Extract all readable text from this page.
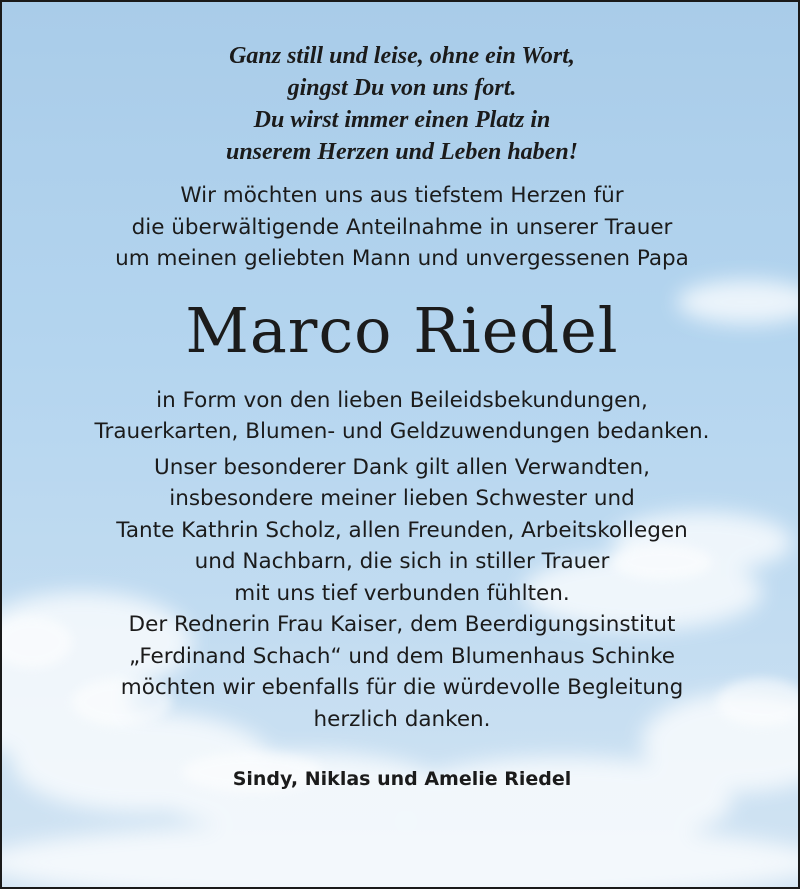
Ganz still und leise, ohne ein Wort,
gingst Du von uns fort.
Du wirst immer einen Platz in
unserem Herzen und Leben haben!
Wir möchten uns aus tiefstem Herzen für
die überwältigende Anteilnahme in unserer Trauer
um meinen geliebten Mann und unvergessenen Papa
Marco Riedel
in Form von den lieben Beileidsbekundungen,
Trauerkarten, Blumen- und Geldzuwendungen bedanken.
Unser besonderer Dank gilt allen Verwandten,
insbesondere meiner lieben Schwester und
Tante Kathrin Scholz, allen Freunden, Arbeitskollegen
und Nachbarn, die sich in stiller Trauer
mit uns tief verbunden fühlten.
Der Rednerin Frau Kaiser, dem Beerdigungsinstitut
„Ferdinand Schach“ und dem Blumenhaus Schinke
möchten wir ebenfalls für die würdevolle Begleitung
herzlich danken.
Sindy, Niklas und Amelie Riedel
